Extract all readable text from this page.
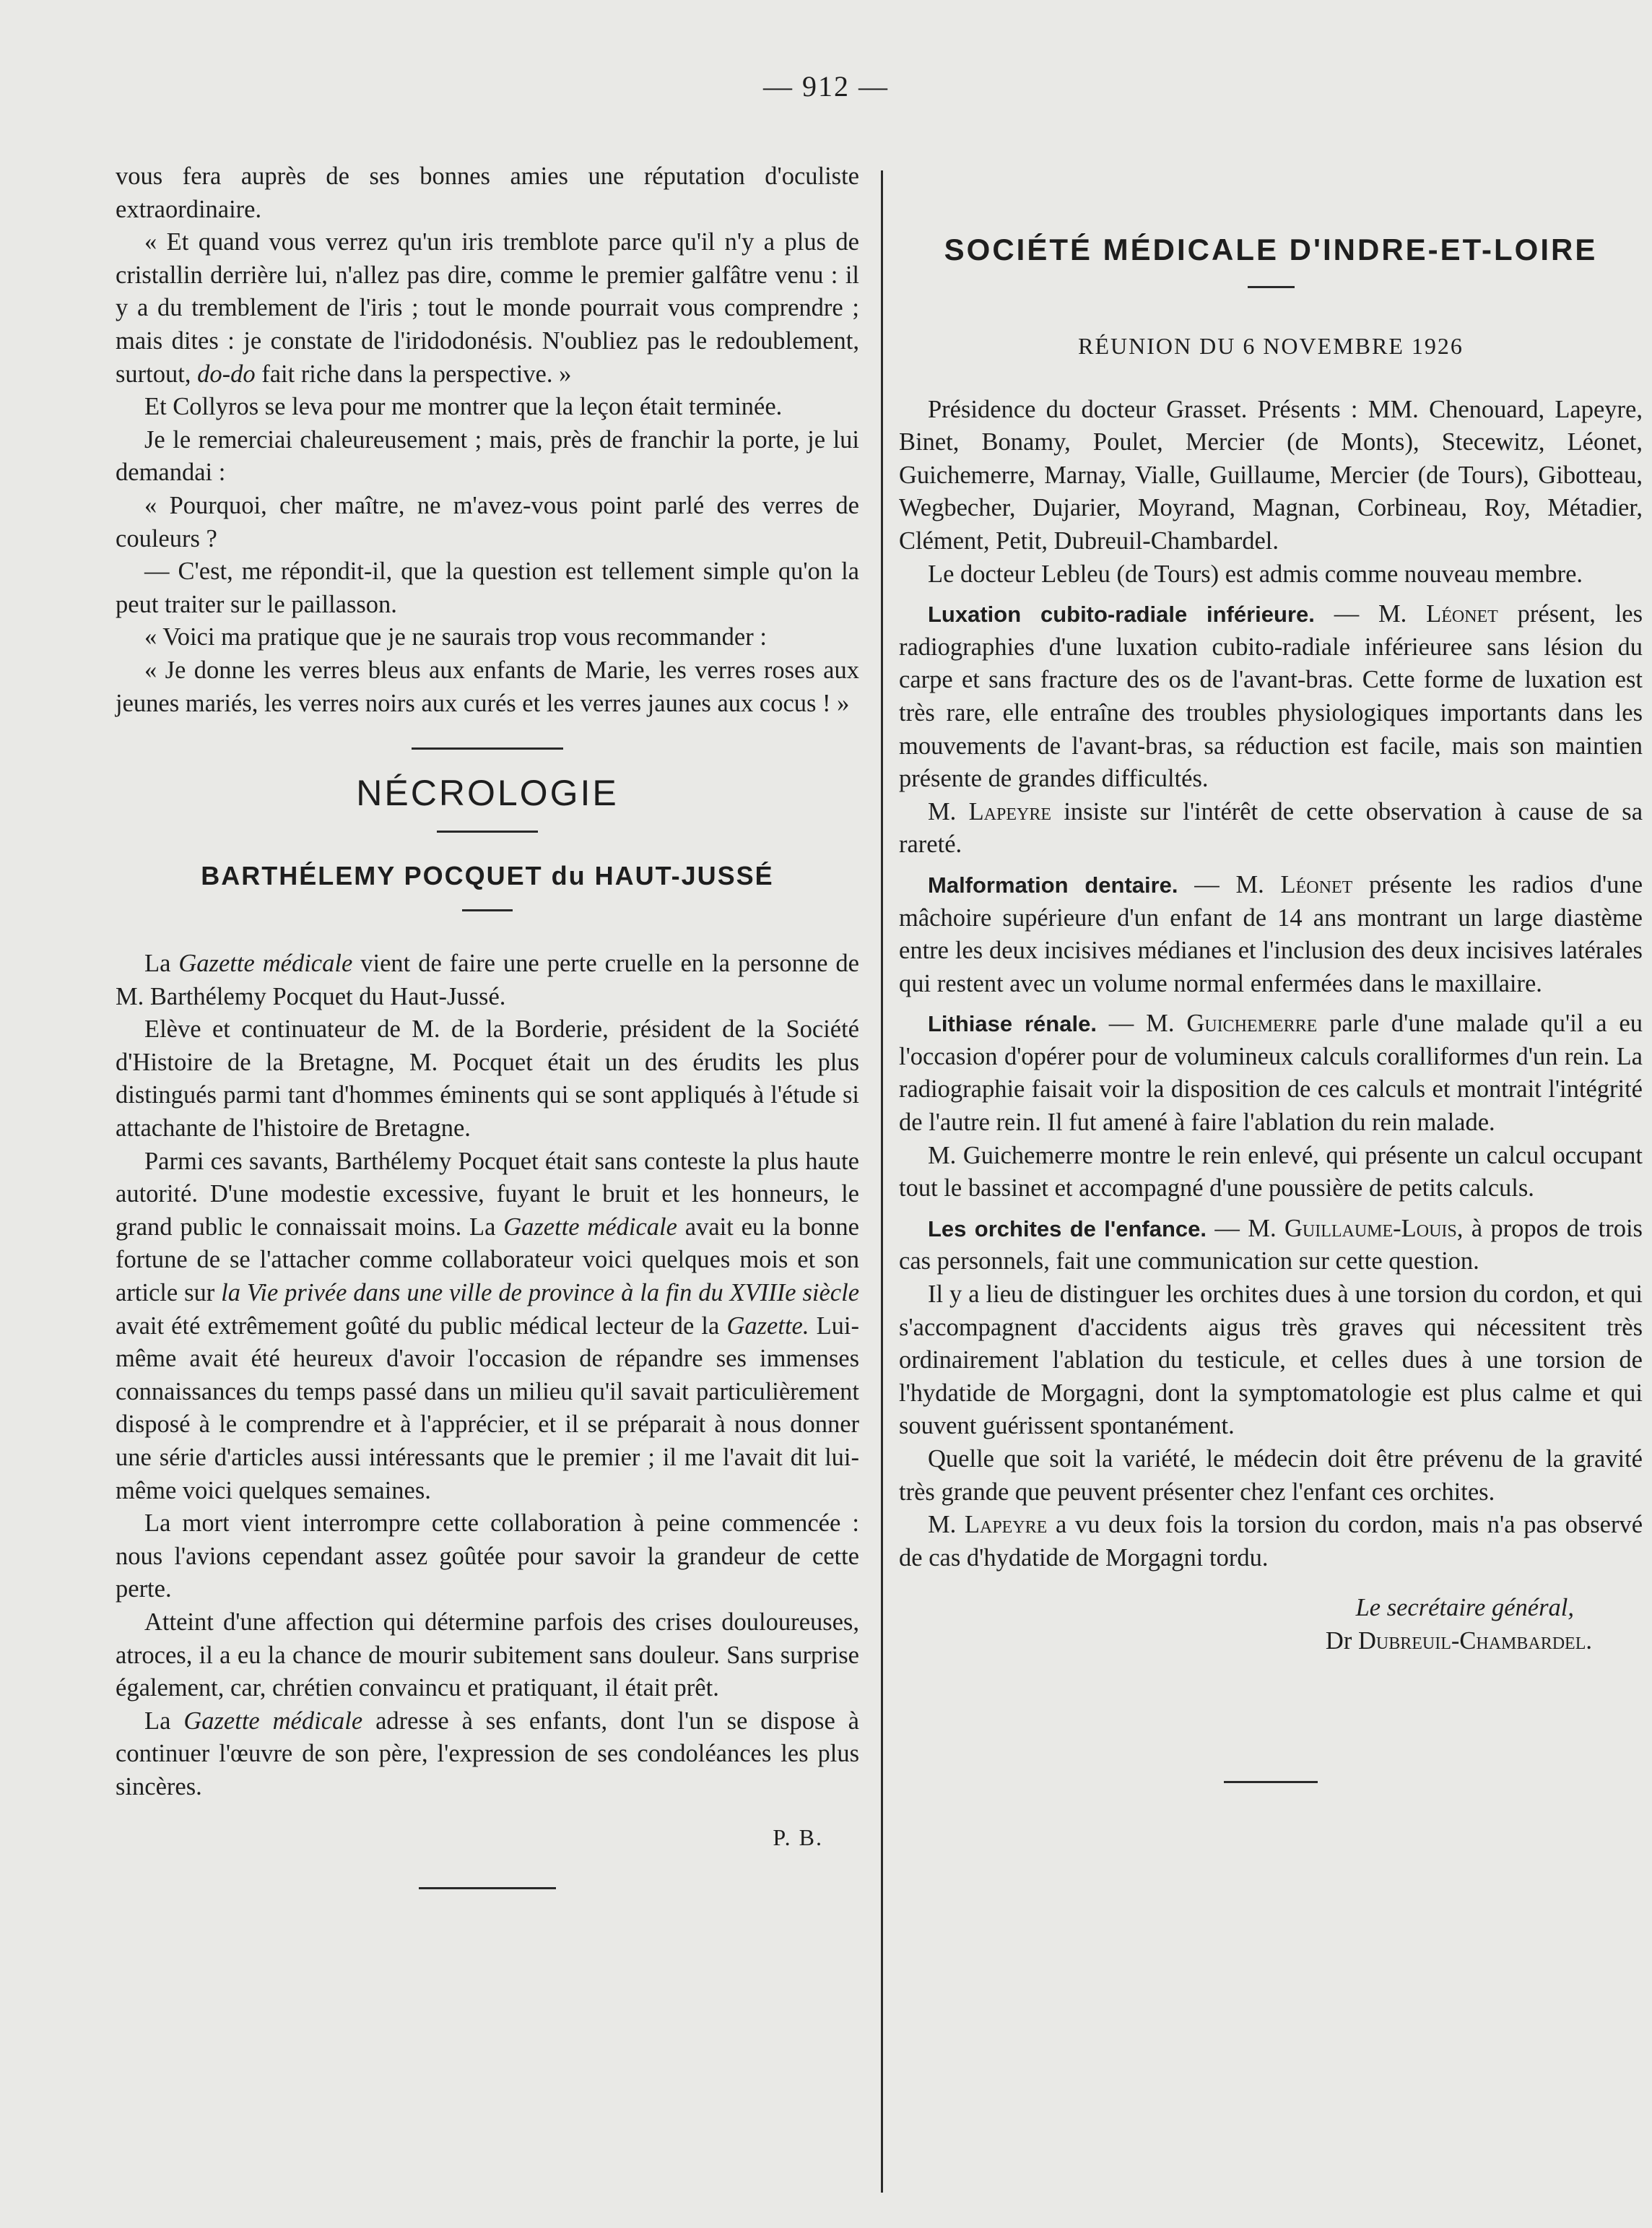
— 912 —

vous fera auprès de ses bonnes amies une réputation d'oculiste extraordinaire.

« Et quand vous verrez qu'un iris tremblote parce qu'il n'y a plus de cristallin derrière lui, n'allez pas dire, comme le premier galfâtre venu : il y a du tremblement de l'iris ; tout le monde pourrait vous comprendre ; mais dites : je constate de l'iridodonésis. N'oubliez pas le redoublement, surtout, do-do fait riche dans la perspective. »

Et Collyros se leva pour me montrer que la leçon était terminée.

Je le remerciai chaleureusement ; mais, près de franchir la porte, je lui demandai :

« Pourquoi, cher maître, ne m'avez-vous point parlé des verres de couleurs ?

— C'est, me répondit-il, que la question est tellement simple qu'on la peut traiter sur le paillasson.

« Voici ma pratique que je ne saurais trop vous recommander :

« Je donne les verres bleus aux enfants de Marie, les verres roses aux jeunes mariés, les verres noirs aux curés et les verres jaunes aux cocus ! »

NÉCROLOGIE
BARTHÉLEMY POCQUET du HAUT-JUSSÉ

La Gazette médicale vient de faire une perte cruelle en la personne de M. Barthélemy Pocquet du Haut-Jussé.

Elève et continuateur de M. de la Borderie, président de la Société d'Histoire de la Bretagne, M. Pocquet était un des érudits les plus distingués parmi tant d'hommes éminents qui se sont appliqués à l'étude si attachante de l'histoire de Bretagne.

Parmi ces savants, Barthélemy Pocquet était sans conteste la plus haute autorité. D'une modestie excessive, fuyant le bruit et les honneurs, le grand public le connaissait moins. La Gazette médicale avait eu la bonne fortune de se l'attacher comme collaborateur voici quelques mois et son article sur la Vie privée dans une ville de province à la fin du XVIIIe siècle avait été extrêmement goûté du public médical lecteur de la Gazette. Lui-même avait été heureux d'avoir l'occasion de répandre ses immenses connaissances du temps passé dans un milieu qu'il savait particulièrement disposé à le comprendre et à l'apprécier, et il se préparait à nous donner une série d'articles aussi intéressants que le premier ; il me l'avait dit lui-même voici quelques semaines.

La mort vient interrompre cette collaboration à peine commencée : nous l'avions cependant assez goûtée pour savoir la grandeur de cette perte.

Atteint d'une affection qui détermine parfois des crises douloureuses, atroces, il a eu la chance de mourir subitement sans douleur. Sans surprise également, car, chrétien convaincu et pratiquant, il était prêt.

La Gazette médicale adresse à ses enfants, dont l'un se dispose à continuer l'œuvre de son père, l'expression de ses condoléances les plus sincères.

P. B.
SOCIÉTÉ MÉDICALE D'INDRE-ET-LOIRE
RÉUNION DU 6 NOVEMBRE 1926

Présidence du docteur Grasset. Présents : MM. Chenouard, Lapeyre, Binet, Bonamy, Poulet, Mercier (de Monts), Stecewitz, Léonet, Guichemerre, Marnay, Vialle, Guillaume, Mercier (de Tours), Gibotteau, Wegbecher, Dujarier, Moyrand, Magnan, Corbineau, Roy, Métadier, Clément, Petit, Dubreuil-Chambardel.

Le docteur Lebleu (de Tours) est admis comme nouveau membre.

Luxation cubito-radiale inférieure. — M. Léonet présent, les radiographies d'une luxation cubito-radiale inférieuree sans lésion du carpe et sans fracture des os de l'avant-bras. Cette forme de luxation est très rare, elle entraîne des troubles physiologiques importants dans les mouvements de l'avant-bras, sa réduction est facile, mais son maintien présente de grandes difficultés.

M. Lapeyre insiste sur l'intérêt de cette observation à cause de sa rareté.

Malformation dentaire. — M. Léonet présente les radios d'une mâchoire supérieure d'un enfant de 14 ans montrant un large diastème entre les deux incisives médianes et l'inclusion des deux incisives latérales qui restent avec un volume normal enfermées dans le maxillaire.

Lithiase rénale. — M. Guichemerre parle d'une malade qu'il a eu l'occasion d'opérer pour de volumineux calculs coralliformes d'un rein. La radiographie faisait voir la disposition de ces calculs et montrait l'intégrité de l'autre rein. Il fut amené à faire l'ablation du rein malade.

M. Guichemerre montre le rein enlevé, qui présente un calcul occupant tout le bassinet et accompagné d'une poussière de petits calculs.

Les orchites de l'enfance. — M. Guillaume-Louis, à propos de trois cas personnels, fait une communication sur cette question.

Il y a lieu de distinguer les orchites dues à une torsion du cordon, et qui s'accompagnent d'accidents aigus très graves qui nécessitent très ordinairement l'ablation du testicule, et celles dues à une torsion de l'hydatide de Morgagni, dont la symptomatologie est plus calme et qui souvent guérissent spontanément.

Quelle que soit la variété, le médecin doit être prévenu de la gravité très grande que peuvent présenter chez l'enfant ces orchites.

M. Lapeyre a vu deux fois la torsion du cordon, mais n'a pas observé de cas d'hydatide de Morgagni tordu.

Le secrétaire général,
Dr Dubreuil-Chambardel.
